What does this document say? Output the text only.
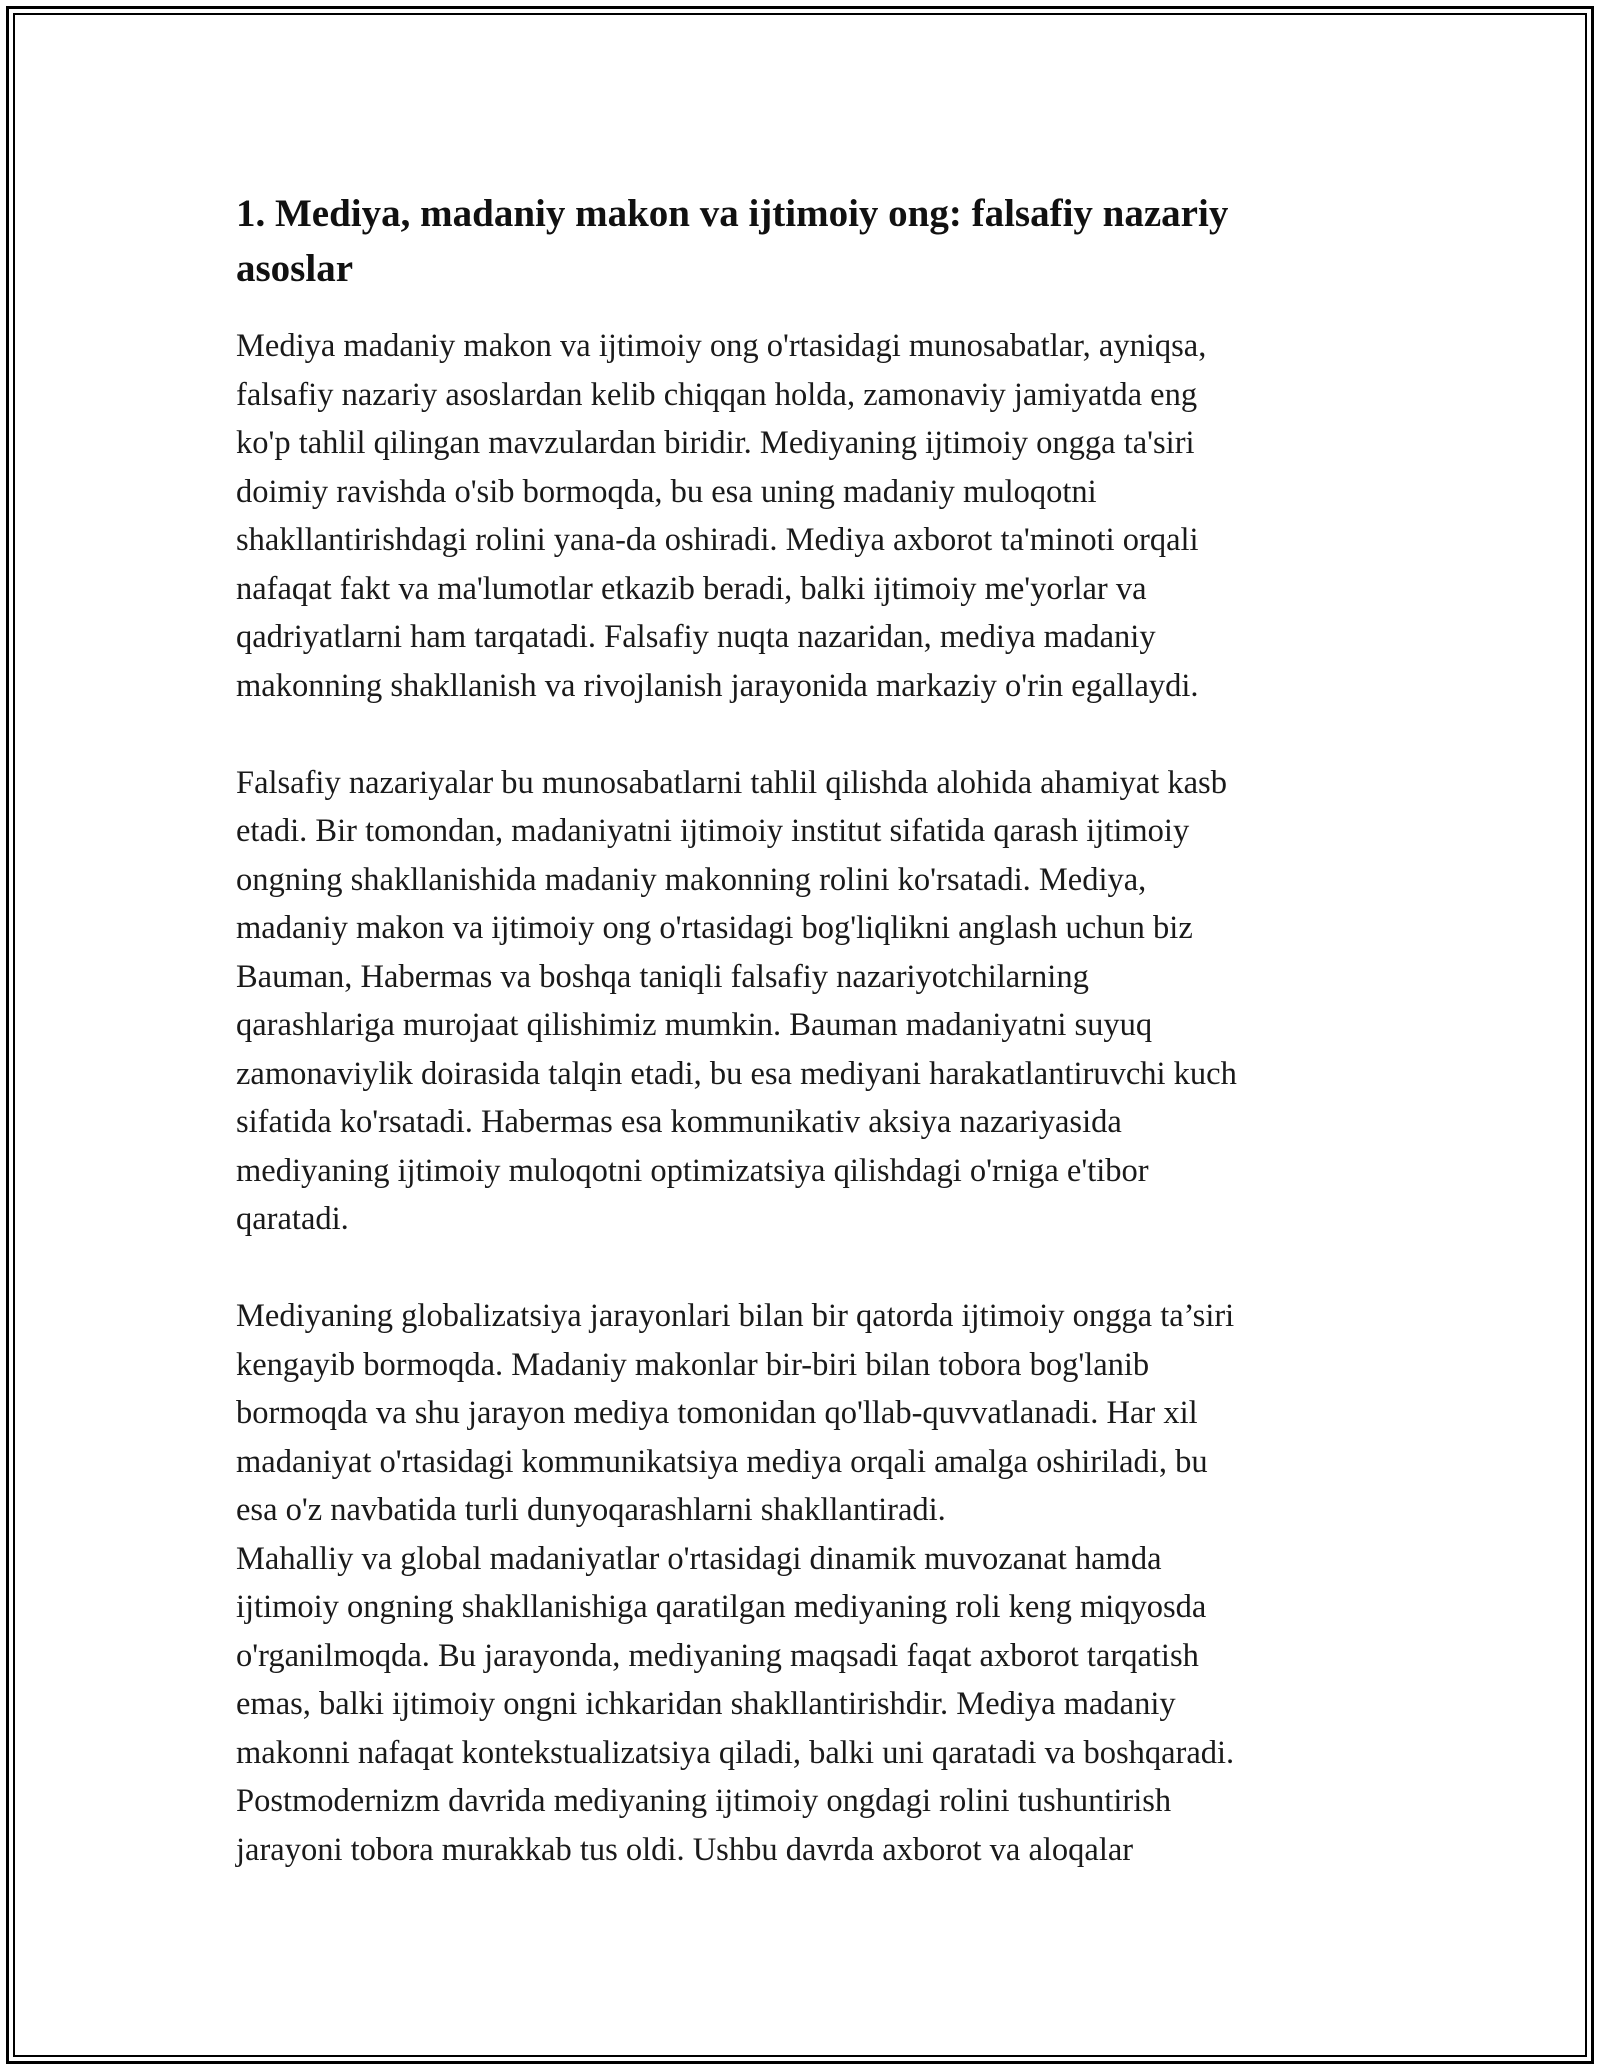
1. Mediya, madaniy makon va ijtimoiy ong: falsafiy nazariy
asoslar

Mediya madaniy makon va ijtimoiy ong o'rtasidagi munosabatlar, ayniqsa,
falsafiy nazariy asoslardan kelib chiqqan holda, zamonaviy jamiyatda eng
ko'p tahlil qilingan mavzulardan biridir. Mediyaning ijtimoiy ongga ta'siri
doimiy ravishda o'sib bormoqda, bu esa uning madaniy muloqotni
shakllantirishdagi rolini yana-da oshiradi. Mediya axborot ta'minoti orqali
nafaqat fakt va ma'lumotlar etkazib beradi, balki ijtimoiy me'yorlar va
qadriyatlarni ham tarqatadi. Falsafiy nuqta nazaridan, mediya madaniy
makonning shakllanish va rivojlanish jarayonida markaziy o'rin egallaydi.

Falsafiy nazariyalar bu munosabatlarni tahlil qilishda alohida ahamiyat kasb
etadi. Bir tomondan, madaniyatni ijtimoiy institut sifatida qarash ijtimoiy
ongning shakllanishida madaniy makonning rolini ko'rsatadi. Mediya,
madaniy makon va ijtimoiy ong o'rtasidagi bog'liqlikni anglash uchun biz
Bauman, Habermas va boshqa taniqli falsafiy nazariyotchilarning
qarashlariga murojaat qilishimiz mumkin. Bauman madaniyatni suyuq
zamonaviylik doirasida talqin etadi, bu esa mediyani harakatlantiruvchi kuch
sifatida ko'rsatadi. Habermas esa kommunikativ aksiya nazariyasida
mediyaning ijtimoiy muloqotni optimizatsiya qilishdagi o'rniga e'tibor
qaratadi.

Mediyaning globalizatsiya jarayonlari bilan bir qatorda ijtimoiy ongga ta’siri
kengayib bormoqda. Madaniy makonlar bir-biri bilan tobora bog'lanib
bormoqda va shu jarayon mediya tomonidan qo'llab-quvvatlanadi. Har xil
madaniyat o'rtasidagi kommunikatsiya mediya orqali amalga oshiriladi, bu
esa o'z navbatida turli dunyoqarashlarni shakllantiradi.
Mahalliy va global madaniyatlar o'rtasidagi dinamik muvozanat hamda
ijtimoiy ongning shakllanishiga qaratilgan mediyaning roli keng miqyosda
o'rganilmoqda. Bu jarayonda, mediyaning maqsadi faqat axborot tarqatish
emas, balki ijtimoiy ongni ichkaridan shakllantirishdir. Mediya madaniy
makonni nafaqat kontekstualizatsiya qiladi, balki uni qaratadi va boshqaradi.
Postmodernizm davrida mediyaning ijtimoiy ongdagi rolini tushuntirish
jarayoni tobora murakkab tus oldi. Ushbu davrda axborot va aloqalar
